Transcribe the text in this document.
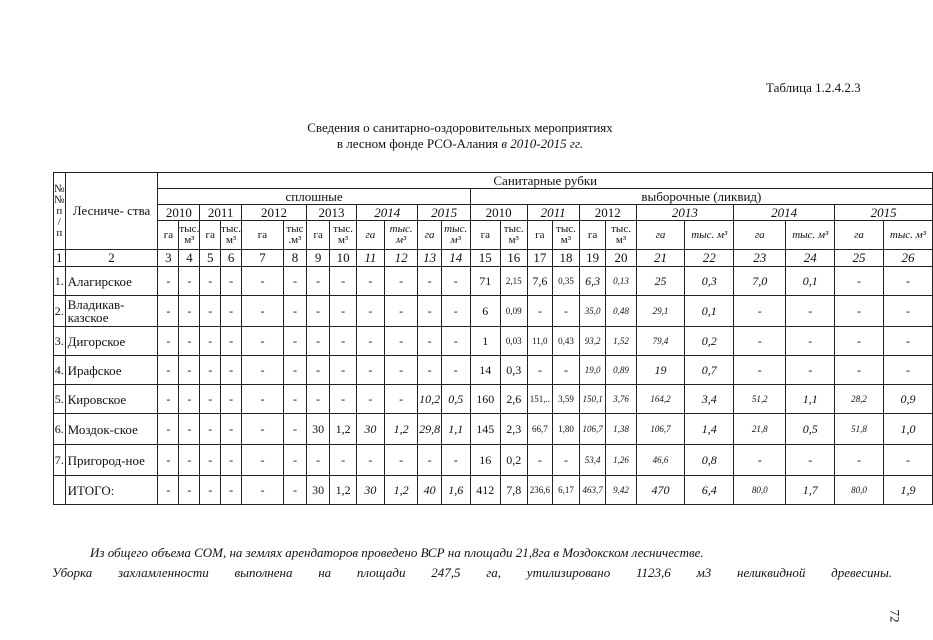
Таблица 1.2.4.2.3
Сведения о санитарно-оздоровительных мероприятиях
в лесном фонде РСО-Алания в 2010-2015 гг.
№ № п / п	Лесниче- ства	Санитарные рубки																							
		сплошные												выборочные (ликвид)											
		2010		2011		2012		2013		2014		2015		2010		2011		2012		2013		2014		2015	
		га	тыс. м³	га	тыс. м³	га	тыс .м³	га	тыс. м³	га	тыс. м³	га	тыс. м³	га	тыс. м³	га	тыс. м³	га	тыс. м³	га	тыс. м³	га	тыс. м³	га	тыс. м³
1	2	3	4	5	6	7	8	9	10	11	12	13	14	15	16	17	18	19	20	21	22	23	24	25	26
1.	Алагирское	-	-	-	-	-	-	-	-	-	-	-	-	71	2,15	7,6	0,35	6,3	0,13	25	0,3	7,0	0,1	-	-
2.	Владикав-казское	-	-	-	-	-	-	-	-	-	-	-	-	6	0,09	-	-	35,0	0,48	29,1	0,1	-	-	-	-
3.	Дигорское	-	-	-	-	-	-	-	-	-	-	-	-	1	0,03	11,0	0,43	93,2	1,52	79,4	0,2	-	-	-	-
4.	Ирафское	-	-	-	-	-	-	-	-	-	-	-	-	14	0,3	-	-	19,0	0,89	19	0,7	-	-	-	-
5.	Кировское	-	-	-	-	-	-	-	-	-	-	10,2	0,5	160	2,6	151,..	3,59	150,1	3,76	164,2	3,4	51,2	1,1	28,2	0,9
6.	Моздок-ское	-	-	-	-	-	-	30	1,2	30	1,2	29,8	1,1	145	2,3	66,7	1,80	106,7	1,38	106,7	1,4	21,8	0,5	51,8	1,0
7.	Пригород-ное	-	-	-	-	-	-	-	-	-	-	-	-	16	0,2	-	-	53,4	1,26	46,6	0,8	-	-	-	-
	ИТОГО:	-	-	-	-	-	-	30	1,2	30	1,2	40	1,6	412	7,8	236,6	6,17	463,7	9,42	470	6,4	80,0	1,7	80,0	1,9
Из общего объема СОМ, на землях арендаторов проведено ВСР на площади 21,8га в Моздокском лесничестве.
Уборка захламленности выполнена на площади 247,5 га, утилизировано 1123,6 м3 неликвидной древесины.
72
